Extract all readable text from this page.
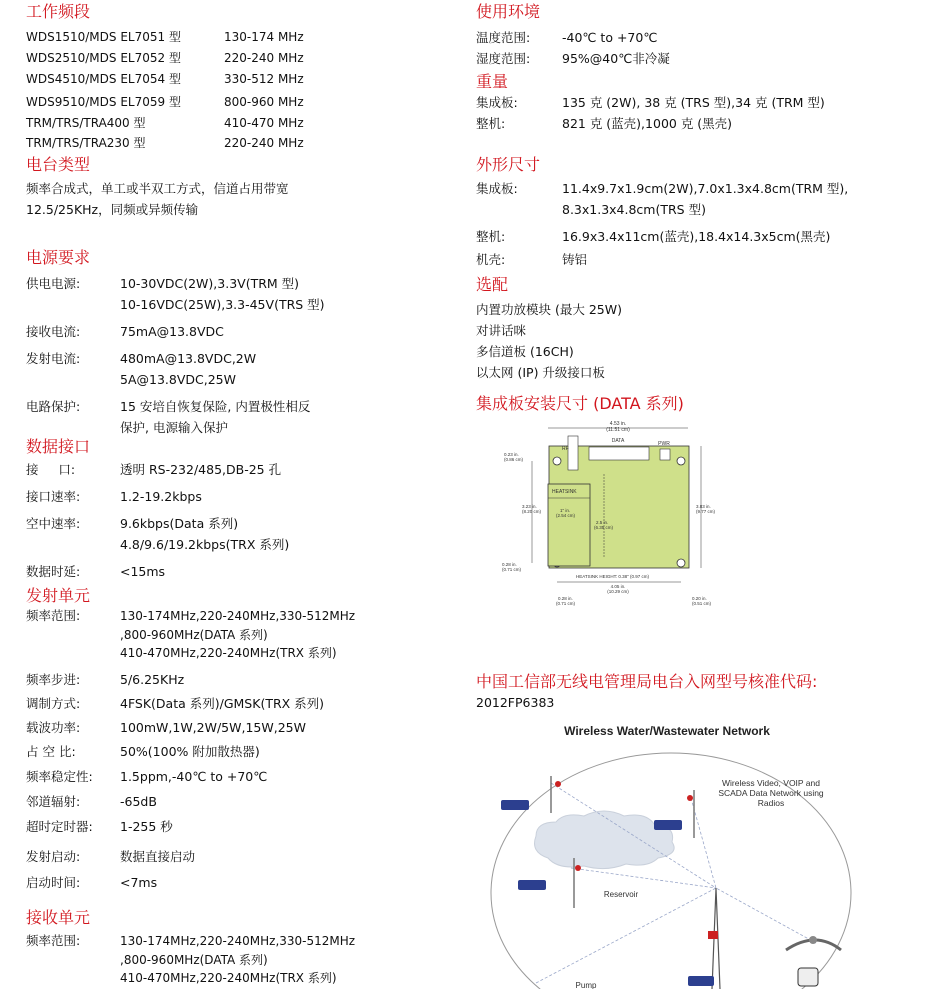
工作频段
WDS1510/MDS EL7051 型	130-174 MHz
WDS2510/MDS EL7052 型	220-240 MHz
WDS4510/MDS EL7054 型	330-512 MHz
WDS9510/MDS EL7059 型	800-960 MHz
TRM/TRS/TRA400 型	410-470 MHz
TRM/TRS/TRA230 型	220-240 MHz
电台类型
频率合成式，单工或半双工方式，信道占用带宽
12.5/25KHz，同频或异频传输
电源要求
供电电源:	10-30VDC(2W),3.3V(TRM 型)
10-16VDC(25W),3.3-45V(TRS 型)
接收电流:	75mA@13.8VDC
发射电流:	480mA@13.8VDC,2W
5A@13.8VDC,25W
电路保护:	15 安培自恢复保险, 内置极性相反
保护, 电源输入保护
数据接口
接     口:	透明 RS-232/485,DB-25 孔
接口速率:	1.2-19.2kbps
空中速率:	9.6kbps(Data 系列)
4.8/9.6/19.2kbps(TRX 系列)
数据时延:	<15ms
发射单元
频率范围:	130-174MHz,220-240MHz,330-512MHz
,800-960MHz(DATA 系列)
410-470MHz,220-240MHz(TRX 系列)
频率步进:	5/6.25KHz
调制方式:	4FSK(Data 系列)/GMSK(TRX 系列)
载波功率:	100mW,1W,2W/5W,15W,25W
占 空 比:	50%(100% 附加散热器)
频率稳定性: 1.5ppm,-40℃ to +70℃
邻道辐射:	-65dB
超时定时器: 1-255 秒
发射启动:	数据直接启动
启动时间:	<7ms
接收单元
频率范围:	130-174MHz,220-240MHz,330-512MHz
,800-960MHz(DATA 系列)
410-470MHz,220-240MHz(TRX 系列)
使用环境
温度范围:	-40℃ to +70℃
湿度范围:	95%@40℃非冷凝
重量
集成板:	135 克 (2W), 38 克 (TRS 型),34 克 (TRM 型)
整机:	821 克 (蓝壳),1000 克 (黑壳)
外形尺寸
集成板:	11.4x9.7x1.9cm(2W),7.0x1.3x4.8cm(TRM 型),
8.3x1.3x4.8cm(TRS 型)
整机:	16.9x3.4x11cm(蓝壳),18.4x14.3x5cm(黑壳)
机壳:	铸铝
选配
内置功放模块 (最大 25W)
对讲话咪
多信道板 (16CH)
以太网 (IP) 升级接口板
集成板安装尺寸 (DATA 系列)
4.53 in.
(11.51 cm)
RF
DATA	PWR
HEATSINK
0.23 in.
(0.86 cm)
3.23 in.
(8.20 cm)	1" in.
(2.54 cm)
2.5 in.
(6.35 cm)
3.83 in.
(9.77 cm)
0.28 in.
(0.71 cm)
HEATSINK HEIGHT: 0.38" (0.97 cm)
4.05 in.
(10.29 cm)
0.28 in.
(0.71 cm)
0.20 in.
(0.51 cm)
中国工信部无线电管理局电台入网型号核准代码:
2012FP6383
Wireless Water/Wastewater Network
Wireless Video, VOIP and
SCADA Data Network using
Radios
Reservoir
Pump
